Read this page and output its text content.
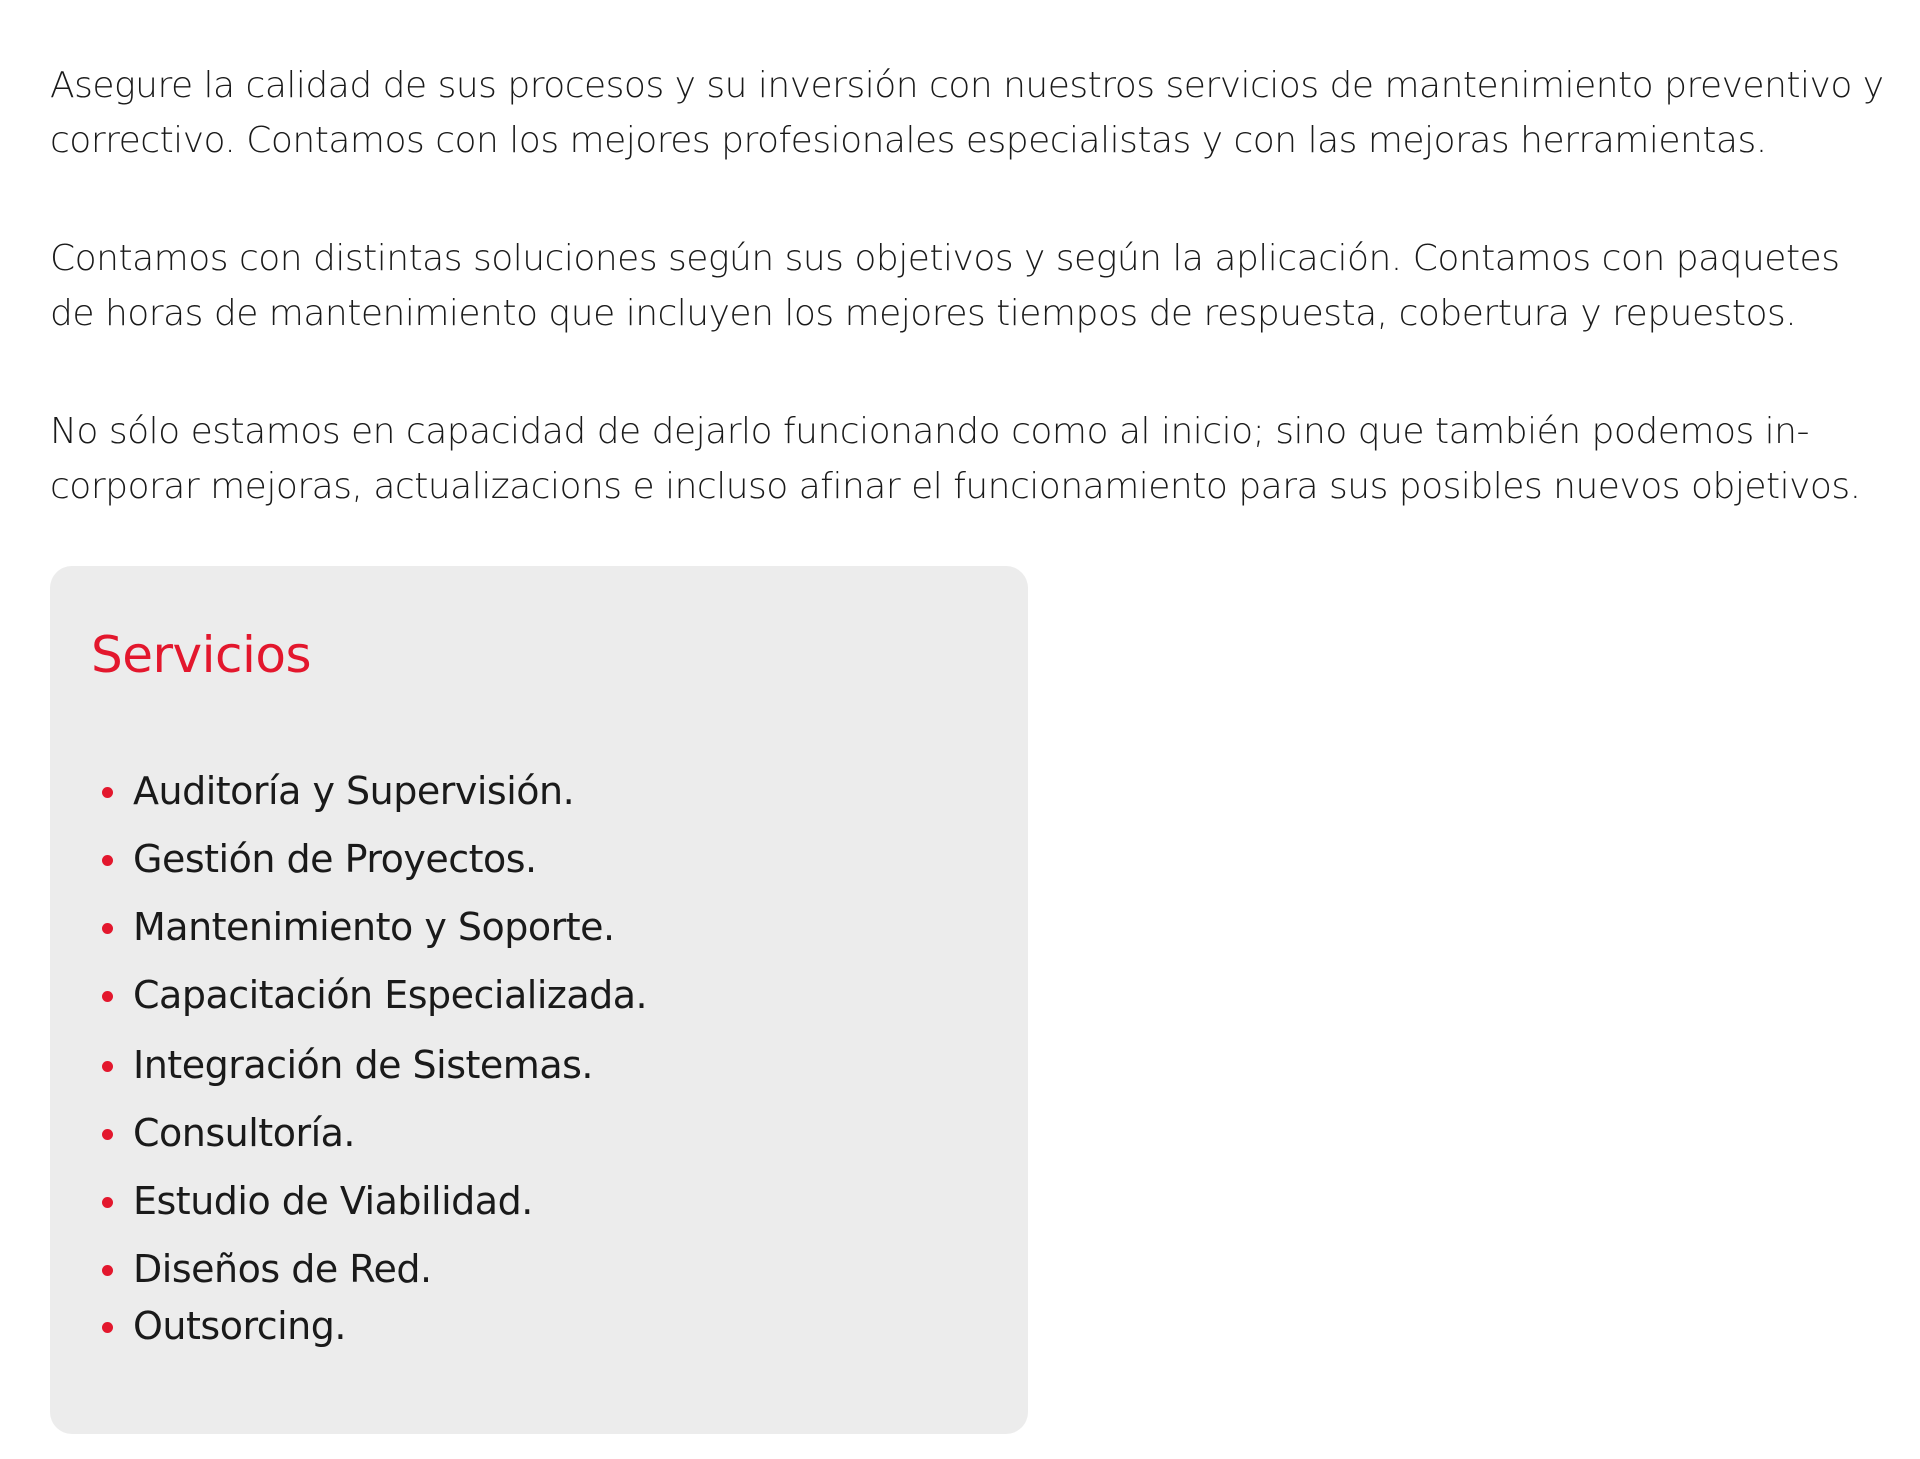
Asegure la calidad de sus procesos y su inversión con nuestros servicios de mantenimiento preventivo y
correctivo. Contamos con los mejores profesionales especialistas y con las mejoras herramientas.

Contamos con distintas soluciones según sus objetivos y según la aplicación. Contamos con paquetes
de horas de mantenimiento que incluyen los mejores tiempos de respuesta, cobertura y repuestos.

No sólo estamos en capacidad de dejarlo funcionando como al inicio; sino que también podemos in-
corporar mejoras, actualizacions e incluso afinar el funcionamiento para sus posibles nuevos objetivos.

Servicios
Auditoría y Supervisión.
Gestión de Proyectos.
Mantenimiento y Soporte.
Capacitación Especializada.
Integración de Sistemas.
Consultoría.
Estudio de Viabilidad.
Diseños de Red.
Outsorcing.
